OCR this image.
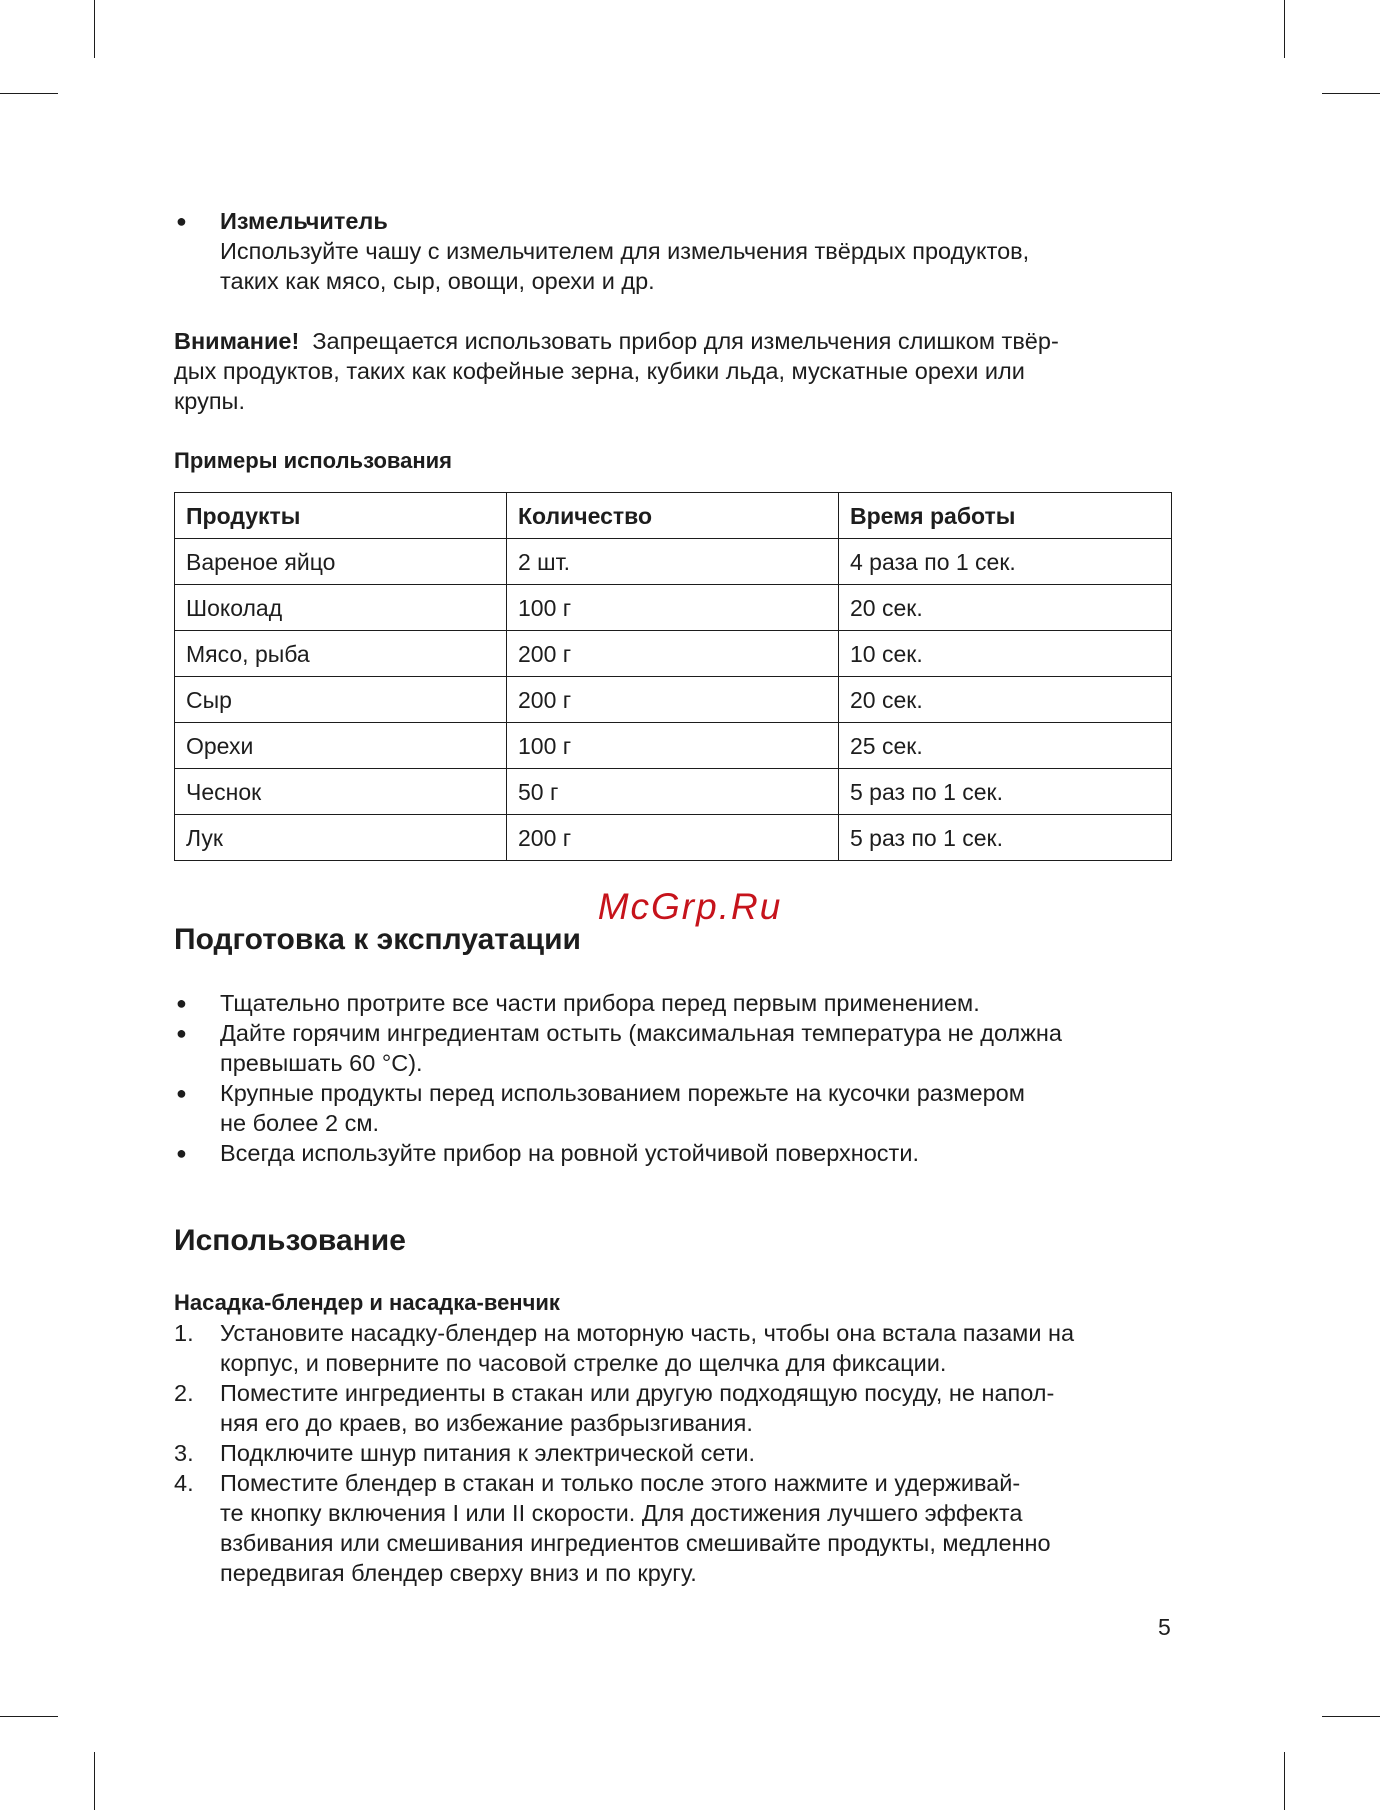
● Измельчитель
Используйте чашу с измельчителем для измельчения твёрдых продуктов,
таких как мясо, сыр, овощи, орехи и др.
Внимание! Запрещается использовать прибор для измельчения слишком твёр-
дых продуктов, таких как кофейные зерна, кубики льда, мускатные орехи или
крупы.
Примеры использования
Продукты	Количество	Время работы
Вареное яйцо	2 шт.	4 раза по 1 сек.
Шоколад	100 г	20 сек.
Мясо, рыба	200 г	10 сек.
Сыр	200 г	20 сек.
Орехи	100 г	25 сек.
Чеснок	50 г	5 раз по 1 сек.
Лук	200 г	5 раз по 1 сек.
McGrp.Ru
Подготовка к эксплуатации
● Тщательно протрите все части прибора перед первым применением.
● Дайте горячим ингредиентам остыть (максимальная температура не должна
превышать 60 °С).
● Крупные продукты перед использованием порежьте на кусочки размером
не более 2 см.
● Всегда используйте прибор на ровной устойчивой поверхности.
Использование
Насадка-блендер и насадка-венчик
1. Установите насадку-блендер на моторную часть, чтобы она встала пазами на
корпус, и поверните по часовой стрелке до щелчка для фиксации.
2. Поместите ингредиенты в стакан или другую подходящую посуду, не напол-
няя его до краев, во избежание разбрызгивания.
3. Подключите шнур питания к электрической сети.
4. Поместите блендер в стакан и только после этого нажмите и удерживай-
те кнопку включения I или II скорости. Для достижения лучшего эффекта
взбивания или смешивания ингредиентов смешивайте продукты, медленно
передвигая блендер сверху вниз и по кругу.
5
